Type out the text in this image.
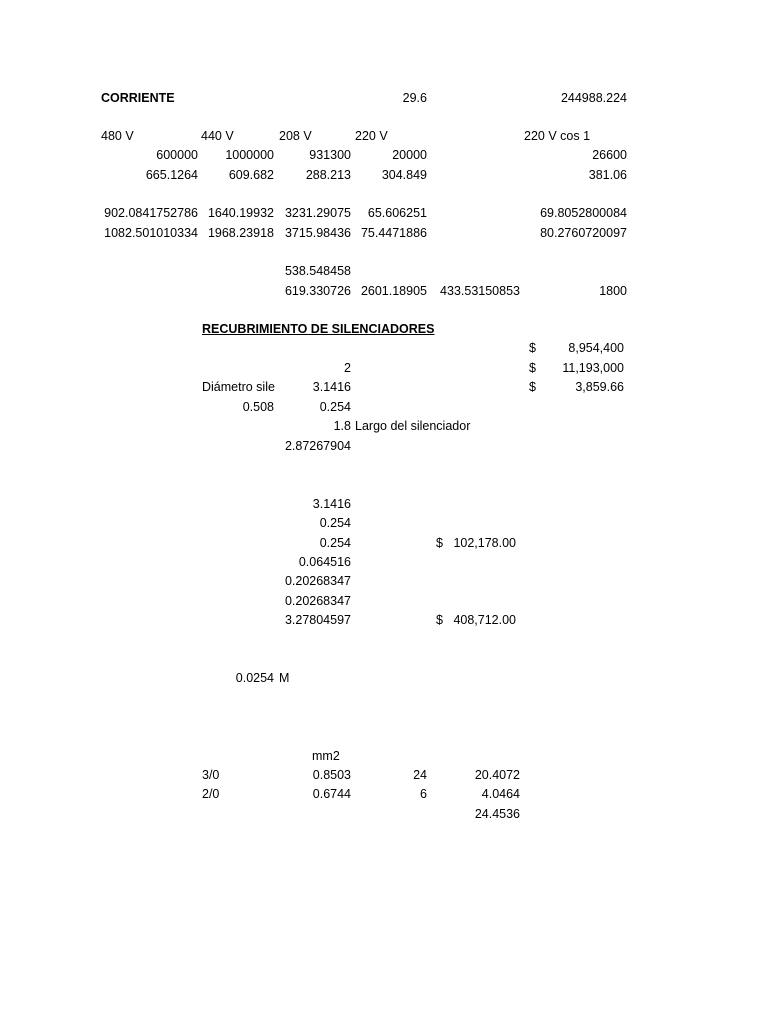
CORRIENTE	29.6	244988.224
480 V	440 V	208 V	220 V	220 V cos 1
600000	1000000	931300	20000	26600
665.1264	609.682	288.213	304.849	381.06
902.0841752786 1640.19932 3231.29075	65.606251	69.8052800084
1082.501010334 1968.23918 3715.98436 75.4471886	80.2760720097
538.548458
619.330726 2601.18905	433.53150853	1800
RECUBRIMIENTO DE SILENCIADORES
$	8,954,400
2	$	11,193,000
Diámetro sile	3.1416	$	3,859.66
0.508	0.254
1.8 Largo del silenciador
2.87267904
3.1416
0.254
0.254	$ 102,178.00
0.064516
0.20268347
0.20268347
3.27804597	$ 408,712.00
0.0254 M
mm2
3/0	0.8503	24	20.4072
2/0	0.6744	6	4.0464
24.4536
